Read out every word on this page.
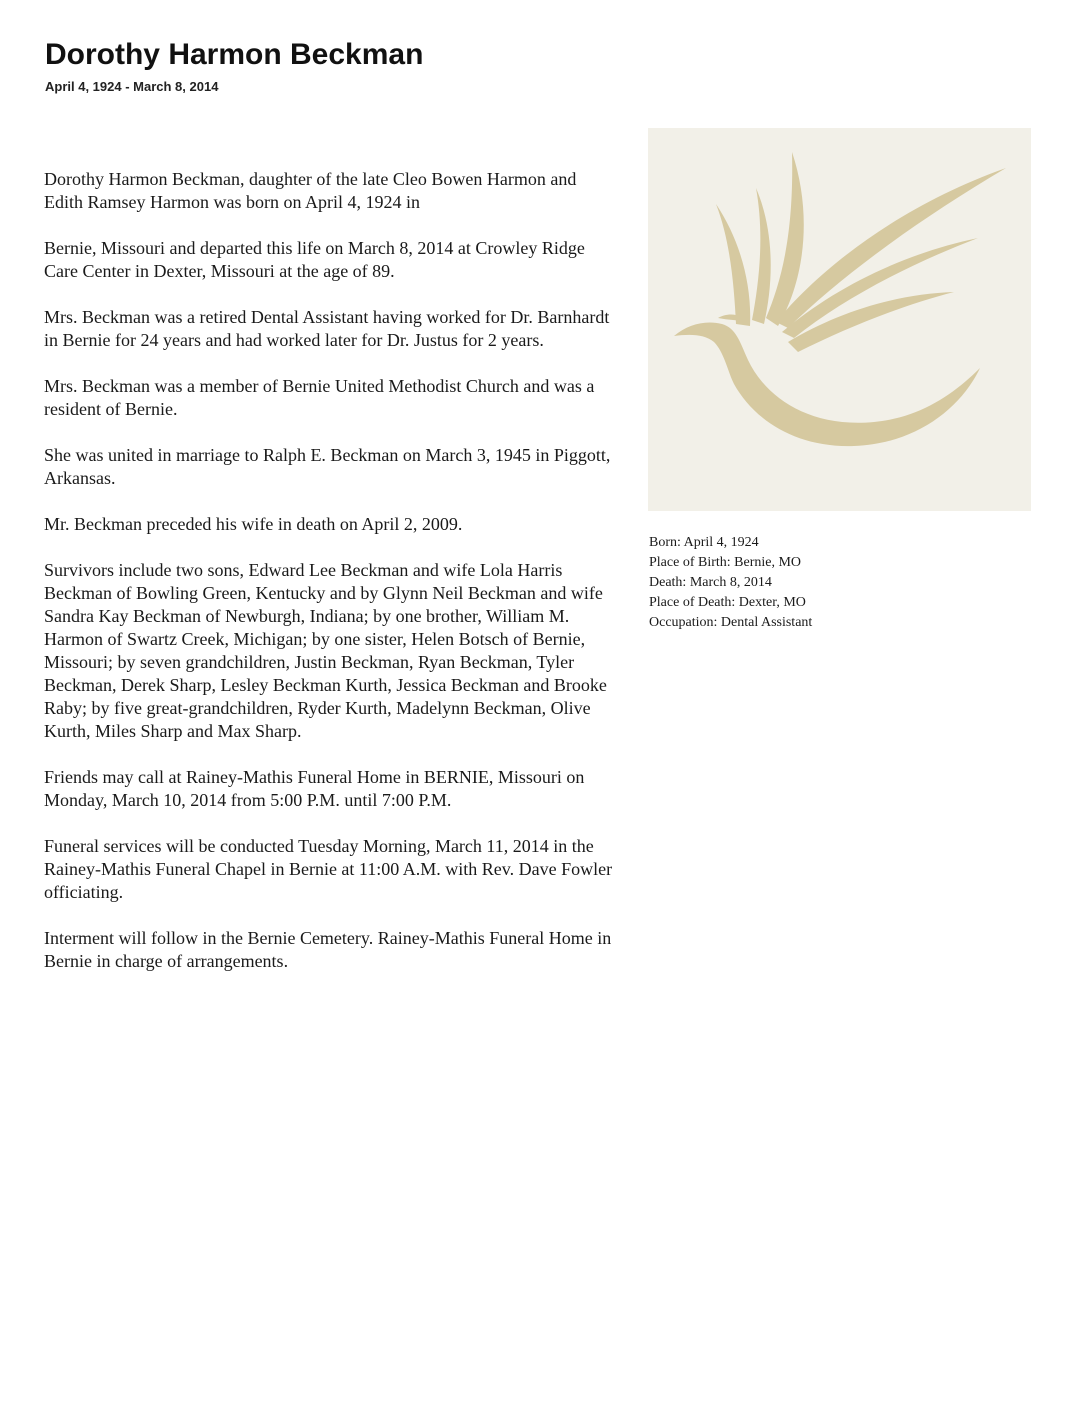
Dorothy Harmon Beckman
April 4, 1924 - March 8, 2014

Dorothy Harmon Beckman, daughter of the late Cleo Bowen Harmon and Edith Ramsey Harmon was born on April 4, 1924 in

Bernie, Missouri and departed this life on March 8, 2014 at Crowley Ridge Care Center in Dexter, Missouri at the age of 89.

Mrs. Beckman was a retired Dental Assistant having worked for Dr. Barnhardt in Bernie for 24 years and had worked later for Dr. Justus for 2 years.

Mrs. Beckman was a member of Bernie United Methodist Church and was a resident of Bernie.

She was united in marriage to Ralph E. Beckman on March 3, 1945 in Piggott, Arkansas.

Mr. Beckman preceded his wife in death on April 2, 2009.

Survivors include two sons, Edward Lee Beckman and wife Lola Harris Beckman of Bowling Green, Kentucky and by Glynn Neil Beckman and wife Sandra Kay Beckman of Newburgh, Indiana; by one brother, William M. Harmon of Swartz Creek, Michigan; by one sister, Helen Botsch of Bernie, Missouri; by seven grandchildren, Justin Beckman, Ryan Beckman, Tyler Beckman, Derek Sharp, Lesley Beckman Kurth, Jessica Beckman and Brooke Raby; by five great-grandchildren, Ryder Kurth, Madelynn Beckman, Olive Kurth, Miles Sharp and Max Sharp.

Friends may call at Rainey-Mathis Funeral Home in BERNIE, Missouri on Monday, March 10, 2014 from 5:00 P.M. until 7:00 P.M.

Funeral services will be conducted Tuesday Morning, March 11, 2014 in the Rainey-Mathis Funeral Chapel in Bernie at 11:00 A.M. with Rev. Dave Fowler officiating.

Interment will follow in the Bernie Cemetery. Rainey-Mathis Funeral Home in Bernie in charge of arrangements.

Born: April 4, 1924
Place of Birth: Bernie, MO
Death: March 8, 2014
Place of Death: Dexter, MO
Occupation: Dental Assistant
